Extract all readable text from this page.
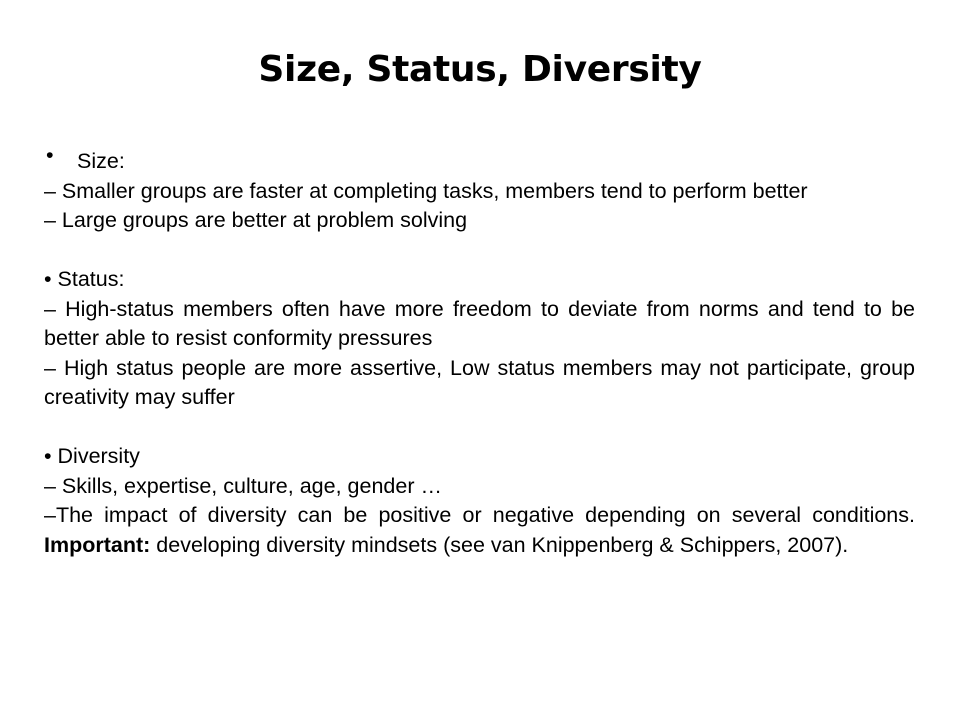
Size, Status, Diversity

• Size:

– Smaller groups are faster at completing tasks, members tend to perform better

– Large groups are better at problem solving

• Status:

– High-status members often have more freedom to deviate from norms and tend to be better able to resist conformity pressures

– High status people are more assertive, Low status members may not participate, group creativity may suffer

• Diversity

– Skills, expertise, culture, age, gender …

–The impact of diversity can be positive or negative depending on several conditions. Important: developing diversity mindsets (see van Knippenberg & Schippers, 2007).
